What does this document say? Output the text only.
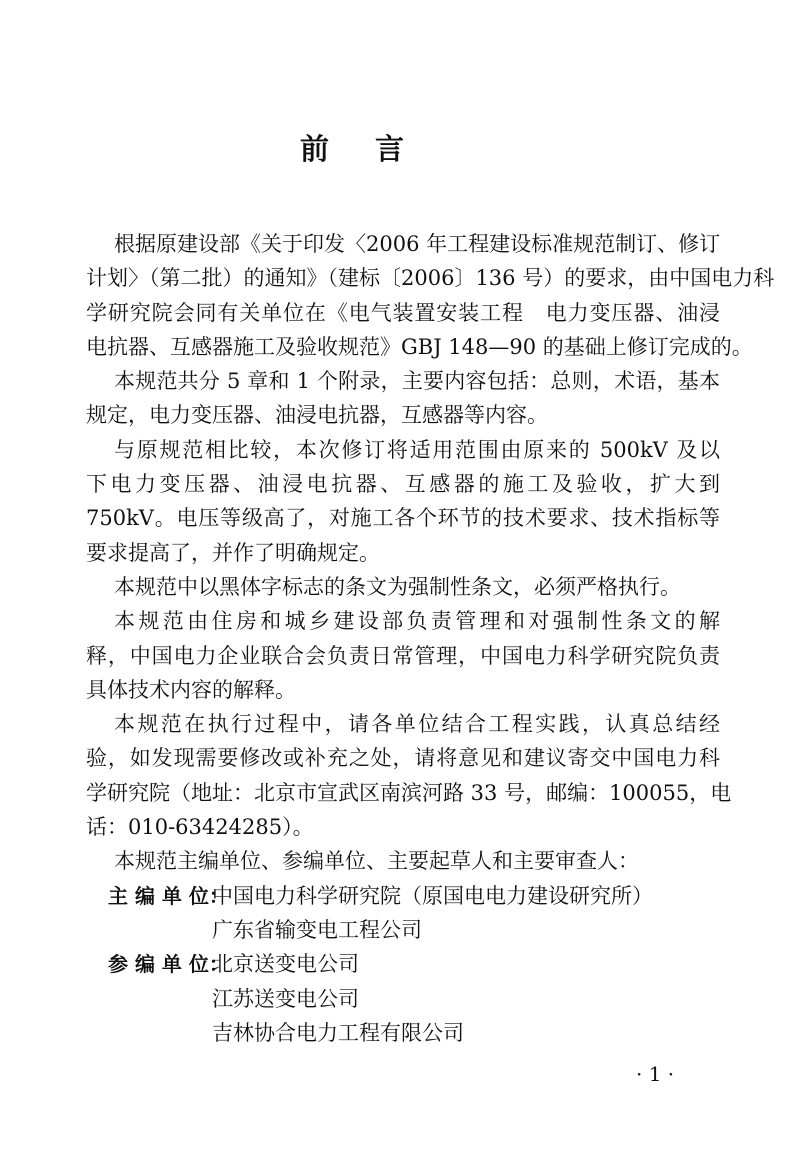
前言
根据原建设部《关于印发〈2006 年工程建设标准规范制订、修订
计划〉（第二批）的通知》（建标〔2006〕136 号）的要求，由中国电力科
学研究院会同有关单位在《电气装置安装工程　电力变压器、油浸
电抗器、互感器施工及验收规范》GBJ 148—90 的基础上修订完成的。
本规范共分 5 章和 1 个附录，主要内容包括：总则，术语，基本
规定，电力变压器、油浸电抗器，互感器等内容。
与原规范相比较，本次修订将适用范围由原来的 500kV 及以
下电力变压器、油浸电抗器、互感器的施工及验收，扩大到
750kV。电压等级高了，对施工各个环节的技术要求、技术指标等
要求提高了，并作了明确规定。
本规范中以黑体字标志的条文为强制性条文，必须严格执行。
本规范由住房和城乡建设部负责管理和对强制性条文的解
释，中国电力企业联合会负责日常管理，中国电力科学研究院负责
具体技术内容的解释。
本规范在执行过程中，请各单位结合工程实践，认真总结经
验，如发现需要修改或补充之处，请将意见和建议寄交中国电力科
学研究院（地址：北京市宣武区南滨河路 33 号，邮编：100055，电
话：010-63424285）。
本规范主编单位、参编单位、主要起草人和主要审查人：
主 编 单 位：
中国电力科学研究院（原国电电力建设研究所）
广东省输变电工程公司
参 编 单 位：
北京送变电公司
江苏送变电公司
吉林协合电力工程有限公司
· 1 ·
